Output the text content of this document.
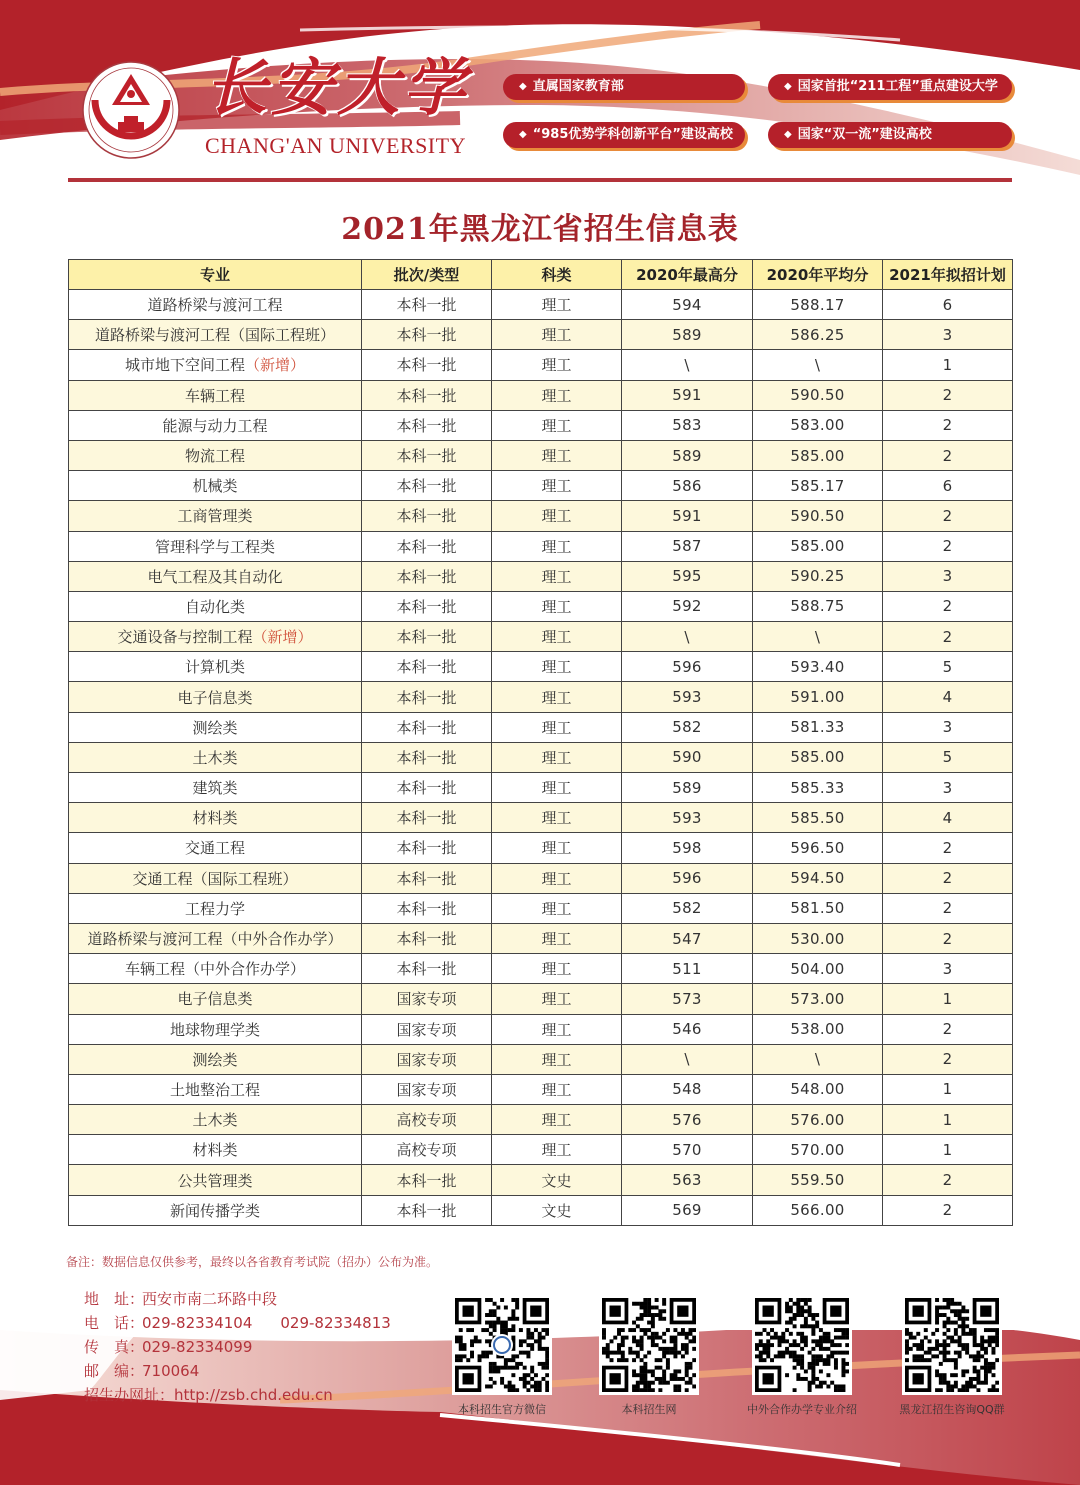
长安大学
CHANG'AN UNIVERSITY
◆ 直属国家教育部	◆ 国家首批“211工程”重点建设大学
◆ “985优势学科创新平台”建设高校	◆ 国家“双一流”建设高校
2021年黑龙江省招生信息表
专业	批次/类型	科类	2020年最高分	2020年平均分	2021年拟招计划
道路桥梁与渡河工程	本科一批	理工	594	588.17	6
道路桥梁与渡河工程（国际工程班）	本科一批	理工	589	586.25	3
城市地下空间工程（新增）	本科一批	理工	\	\	1
车辆工程	本科一批	理工	591	590.50	2
能源与动力工程	本科一批	理工	583	583.00	2
物流工程	本科一批	理工	589	585.00	2
机械类	本科一批	理工	586	585.17	6
工商管理类	本科一批	理工	591	590.50	2
管理科学与工程类	本科一批	理工	587	585.00	2
电气工程及其自动化	本科一批	理工	595	590.25	3
自动化类	本科一批	理工	592	588.75	2
交通设备与控制工程（新增）	本科一批	理工	\	\	2
计算机类	本科一批	理工	596	593.40	5
电子信息类	本科一批	理工	593	591.00	4
测绘类	本科一批	理工	582	581.33	3
土木类	本科一批	理工	590	585.00	5
建筑类	本科一批	理工	589	585.33	3
材料类	本科一批	理工	593	585.50	4
交通工程	本科一批	理工	598	596.50	2
交通工程（国际工程班）	本科一批	理工	596	594.50	2
工程力学	本科一批	理工	582	581.50	2
道路桥梁与渡河工程（中外合作办学）	本科一批	理工	547	530.00	2
车辆工程（中外合作办学）	本科一批	理工	511	504.00	3
电子信息类	国家专项	理工	573	573.00	1
地球物理学类	国家专项	理工	546	538.00	2
测绘类	国家专项	理工	\	\	2
土地整治工程	国家专项	理工	548	548.00	1
土木类	高校专项	理工	576	576.00	1
材料类	高校专项	理工	570	570.00	1
公共管理类	本科一批	文史	563	559.50	2
新闻传播学类	本科一批	文史	569	566.00	2
备注：数据信息仅供参考，最终以各省教育考试院（招办）公布为准。
地　址：西安市南二环路中段
电　话：029-82334104 029-82334813
传　真：029-82334099
邮　编：710064
招生办网址：http://zsb.chd.edu.cn
本科招生官方微信	本科招生网	中外合作办学专业介绍	黑龙江招生咨询QQ群
